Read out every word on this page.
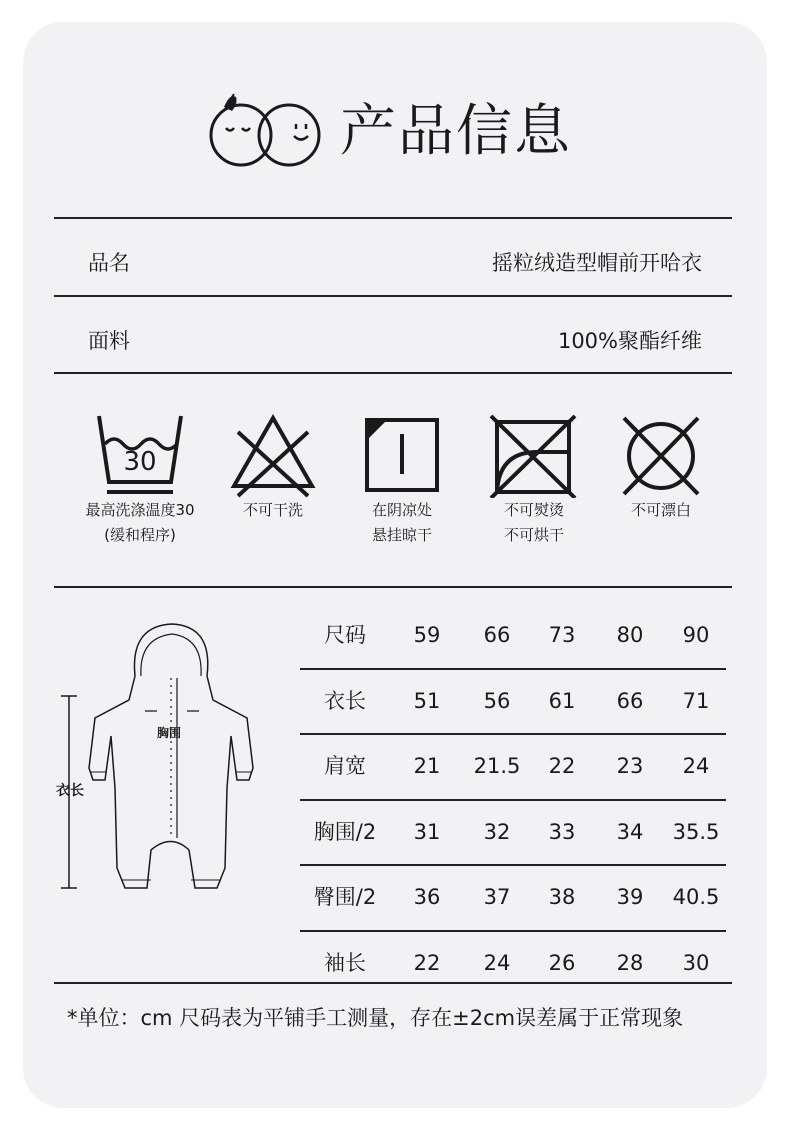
产品信息
品名	摇粒绒造型帽前开哈衣
面料	100%聚酯纤维
30
最高洗涤温度30
(缓和程序)
不可干洗	在阴凉处
悬挂晾干
不可熨烫
不可烘干
不可漂白
衣长
胸围
尺码	59	66	73	80	90
衣长	51	56	61	66	71
肩宽	21	21.5	22	23	24
胸围/2	31	32	33	34	35.5
臀围/2	36	37	38	39	40.5
袖长	22	24	26	28	30
*单位：cm 尺码表为平铺手工测量，存在±2cm误差属于正常现象
